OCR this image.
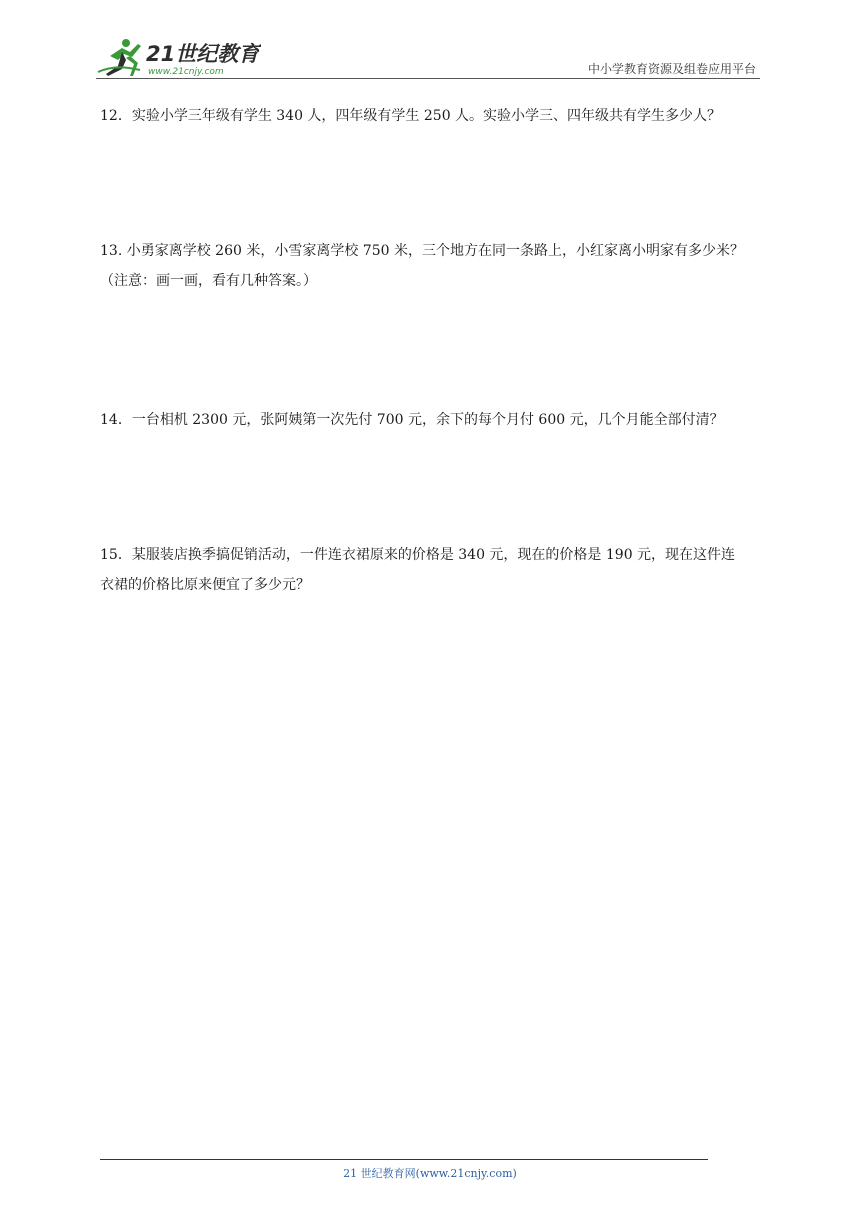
21世纪教育
www.21cnjy.com	中小学教育资源及组卷应用平台

12．实验小学三年级有学生 340 人，四年级有学生 250 人。实验小学三、四年级共有学生多少人？

13. 小勇家离学校 260 米，小雪家离学校 750 米，三个地方在同一条路上，小红家离小明家有多少米？

（注意：画一画，看有几种答案。）

14．一台相机 2300 元，张阿姨第一次先付 700 元，余下的每个月付 600 元，几个月能全部付清？

15．某服装店换季搞促销活动，一件连衣裙原来的价格是 340 元，现在的价格是 190 元，现在这件连

衣裙的价格比原来便宜了多少元？

21 世纪教育网(www.21cnjy.com)
